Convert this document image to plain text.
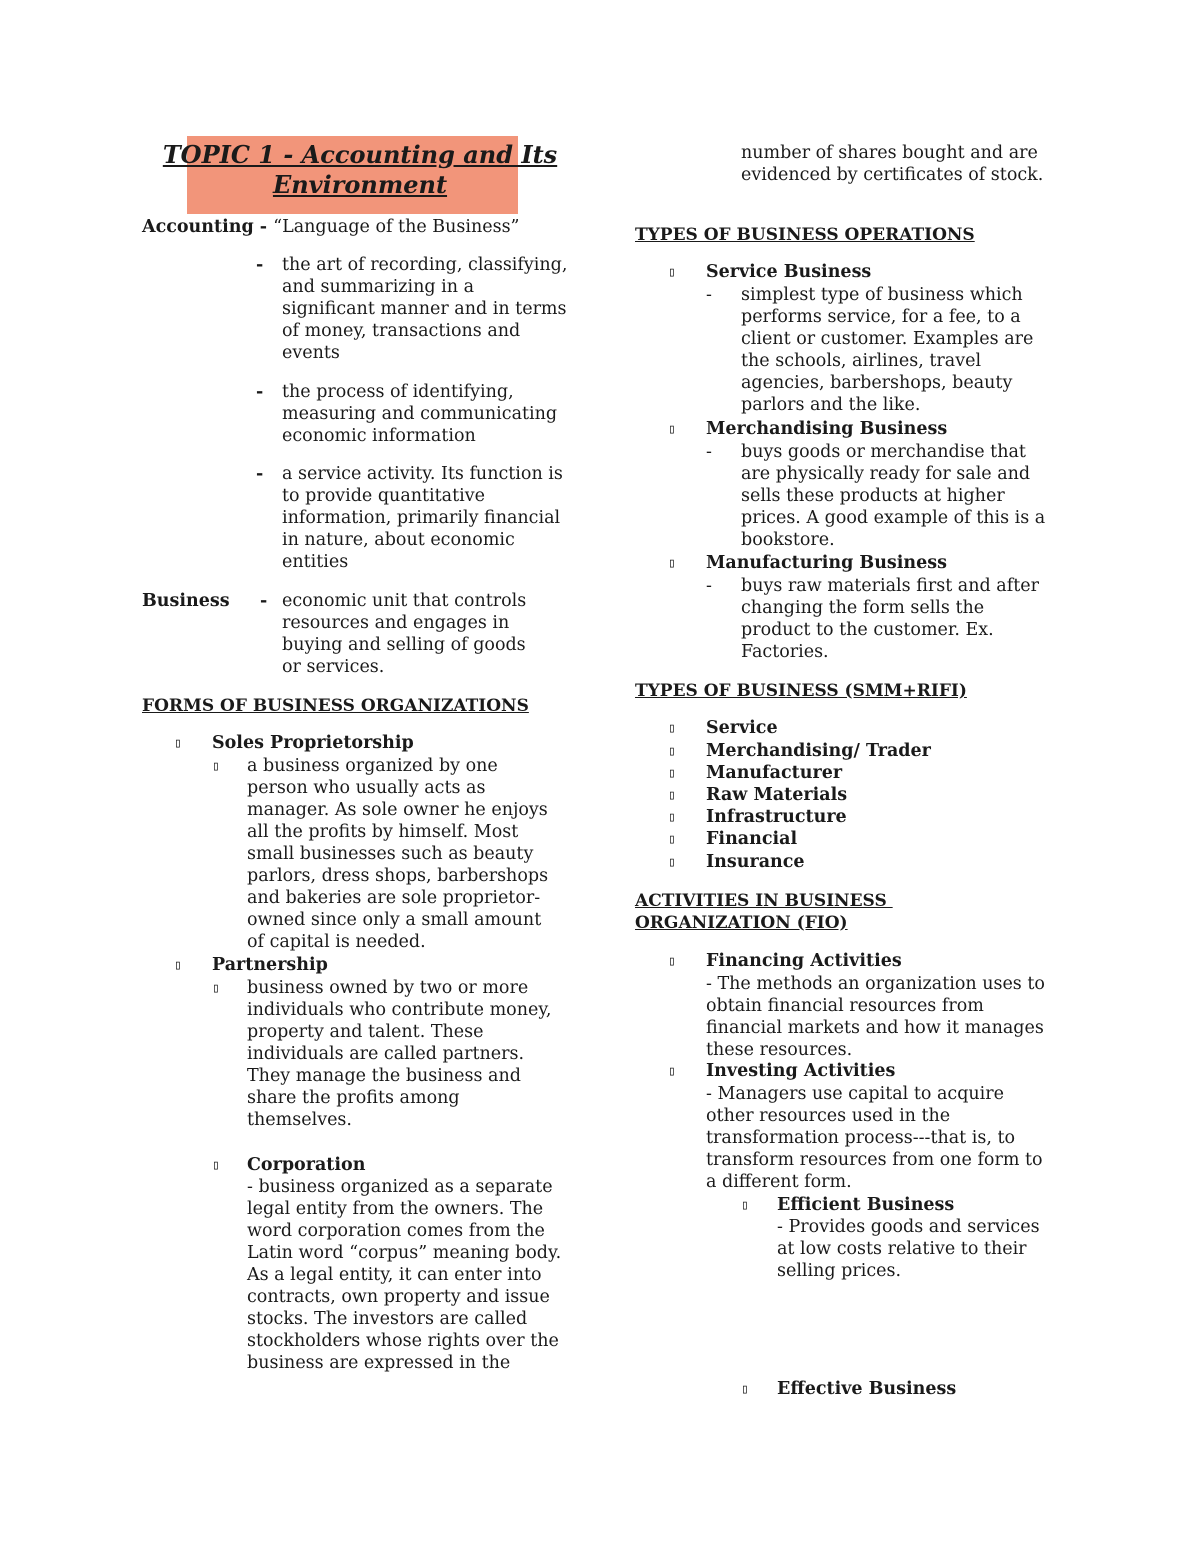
TOPIC 1 - Accounting and Its
Environment
Accounting - “Language of the Business”
- the art of recording, classifying, and summarizing in a significant manner and in terms of money, transactions and events
- the process of identifying, measuring and communicating economic information
- a service activity. Its function is to provide quantitative information, primarily financial in nature, about economic entities
Business - economic unit that controls resources and engages in buying and selling of goods or services.
FORMS OF BUSINESS ORGANIZATIONS
▯ Soles Proprietorship
▯ a business organized by one person who usually acts as manager. As sole owner he enjoys all the profits by himself. Most small businesses such as beauty parlors, dress shops, barbershops and bakeries are sole proprietor-owned since only a small amount of capital is needed.
▯ Partnership
▯ business owned by two or more individuals who contribute money, property and talent. These individuals are called partners. They manage the business and share the profits among themselves.
▯ Corporation
- business organized as a separate legal entity from the owners. The word corporation comes from the Latin word “corpus” meaning body. As a legal entity, it can enter into contracts, own property and issue stocks. The investors are called stockholders whose rights over the business are expressed in the
number of shares bought and are evidenced by certificates of stock.
TYPES OF BUSINESS OPERATIONS
▯ Service Business
- simplest type of business which performs service, for a fee, to a client or customer. Examples are the schools, airlines, travel agencies, barbershops, beauty parlors and the like.
▯ Merchandising Business
- buys goods or merchandise that are physically ready for sale and sells these products at higher prices. A good example of this is a bookstore.
▯ Manufacturing Business
- buys raw materials first and after changing the form sells the product to the customer. Ex. Factories.
TYPES OF BUSINESS (SMM+RIFI)
▯ Service
▯ Merchandising/ Trader
▯ Manufacturer
▯ Raw Materials
▯ Infrastructure
▯ Financial
▯ Insurance
ACTIVITIES IN BUSINESS
ORGANIZATION (FIO)
▯ Financing Activities
- The methods an organization uses to obtain financial resources from financial markets and how it manages these resources.
▯ Investing Activities
- Managers use capital to acquire other resources used in the transformation process---that is, to transform resources from one form to a different form.
▯ Efficient Business
- Provides goods and services at low costs relative to their selling prices.
▯ Effective Business
